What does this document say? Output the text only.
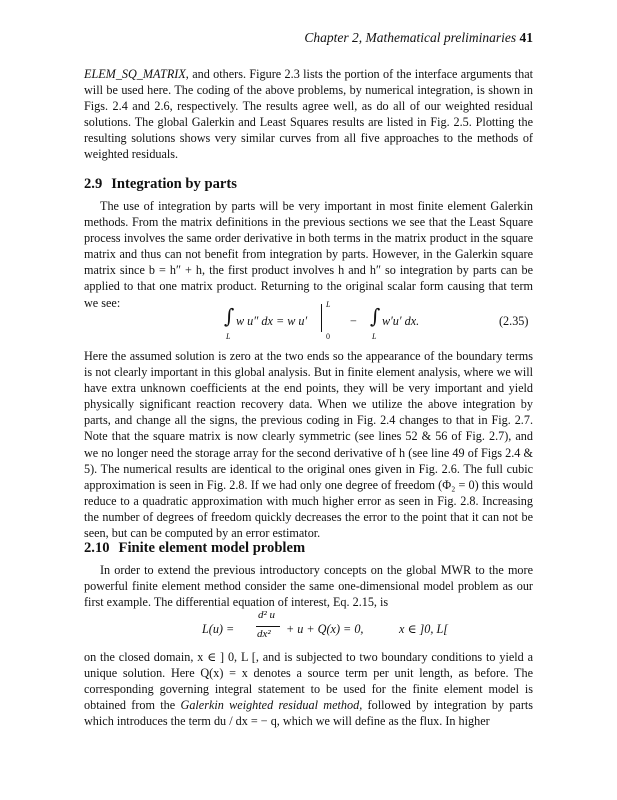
Chapter 2, Mathematical preliminaries 41

ELEM_SQ_MATRIX, and others. Figure 2.3 lists the portion of the interface arguments that will be used here. The coding of the above problems, by numerical integration, is shown in Figs. 2.4 and 2.6, respectively. The results agree well, as do all of our weighted residual solutions. The global Galerkin and Least Squares results are listed in Fig. 2.5. Plotting the resulting solutions shows very similar curves from all five approaches to the methods of weighted residuals.

2.9 Integration by parts

The use of integration by parts will be very important in most finite element Galerkin methods. From the matrix definitions in the previous sections we see that the Least Square process involves the same order derivative in both terms in the matrix product in the square matrix and thus can not benefit from integration by parts. However, in the Galerkin square matrix since b = h″ + h, the first product involves h and h″ so integration by parts can be applied to that one matrix product. Returning to the original scalar form causing that term we see:

∫
L
w u″ dx = w u′
L
0
− ∫
L
w′u′ dx.	(2.35)

Here the assumed solution is zero at the two ends so the appearance of the boundary terms is not clearly important in this global analysis. But in finite element analysis, where we will have extra unknown coefficients at the end points, they will be very important and yield physically significant reaction recovery data. When we utilize the above integration by parts, and change all the signs, the previous coding in Fig. 2.4 changes to that in Fig. 2.7. Note that the square matrix is now clearly symmetric (see lines 52 & 56 of Fig. 2.7), and we no longer need the storage array for the second derivative of h (see line 49 of Figs 2.4 & 5). The numerical results are identical to the original ones given in Fig. 2.6. The full cubic approximation is seen in Fig. 2.8. If we had only one degree of freedom (Φ₂ = 0) this would reduce to a quadratic approximation with much higher error as seen in Fig. 2.8. Increasing the number of degrees of freedom quickly decreases the error to the point that it can not be seen, but can be computed by an error estimator.

2.10 Finite element model problem

In order to extend the previous introductory concepts on the global MWR to the more powerful finite element method consider the same one-dimensional model problem as our first example. The differential equation of interest, Eq. 2.15, is

L(u) =
d² u
dx² + u + Q(x) = 0,	x ∈ ]0, L[

on the closed domain, x ∈ ] 0, L [, and is subjected to two boundary conditions to yield a unique solution. Here Q(x) = x denotes a source term per unit length, as before. The corresponding governing integral statement to be used for the finite element model is obtained from the Galerkin weighted residual method, followed by integration by parts which introduces the term du / dx = − q, which we will define as the flux. In higher
